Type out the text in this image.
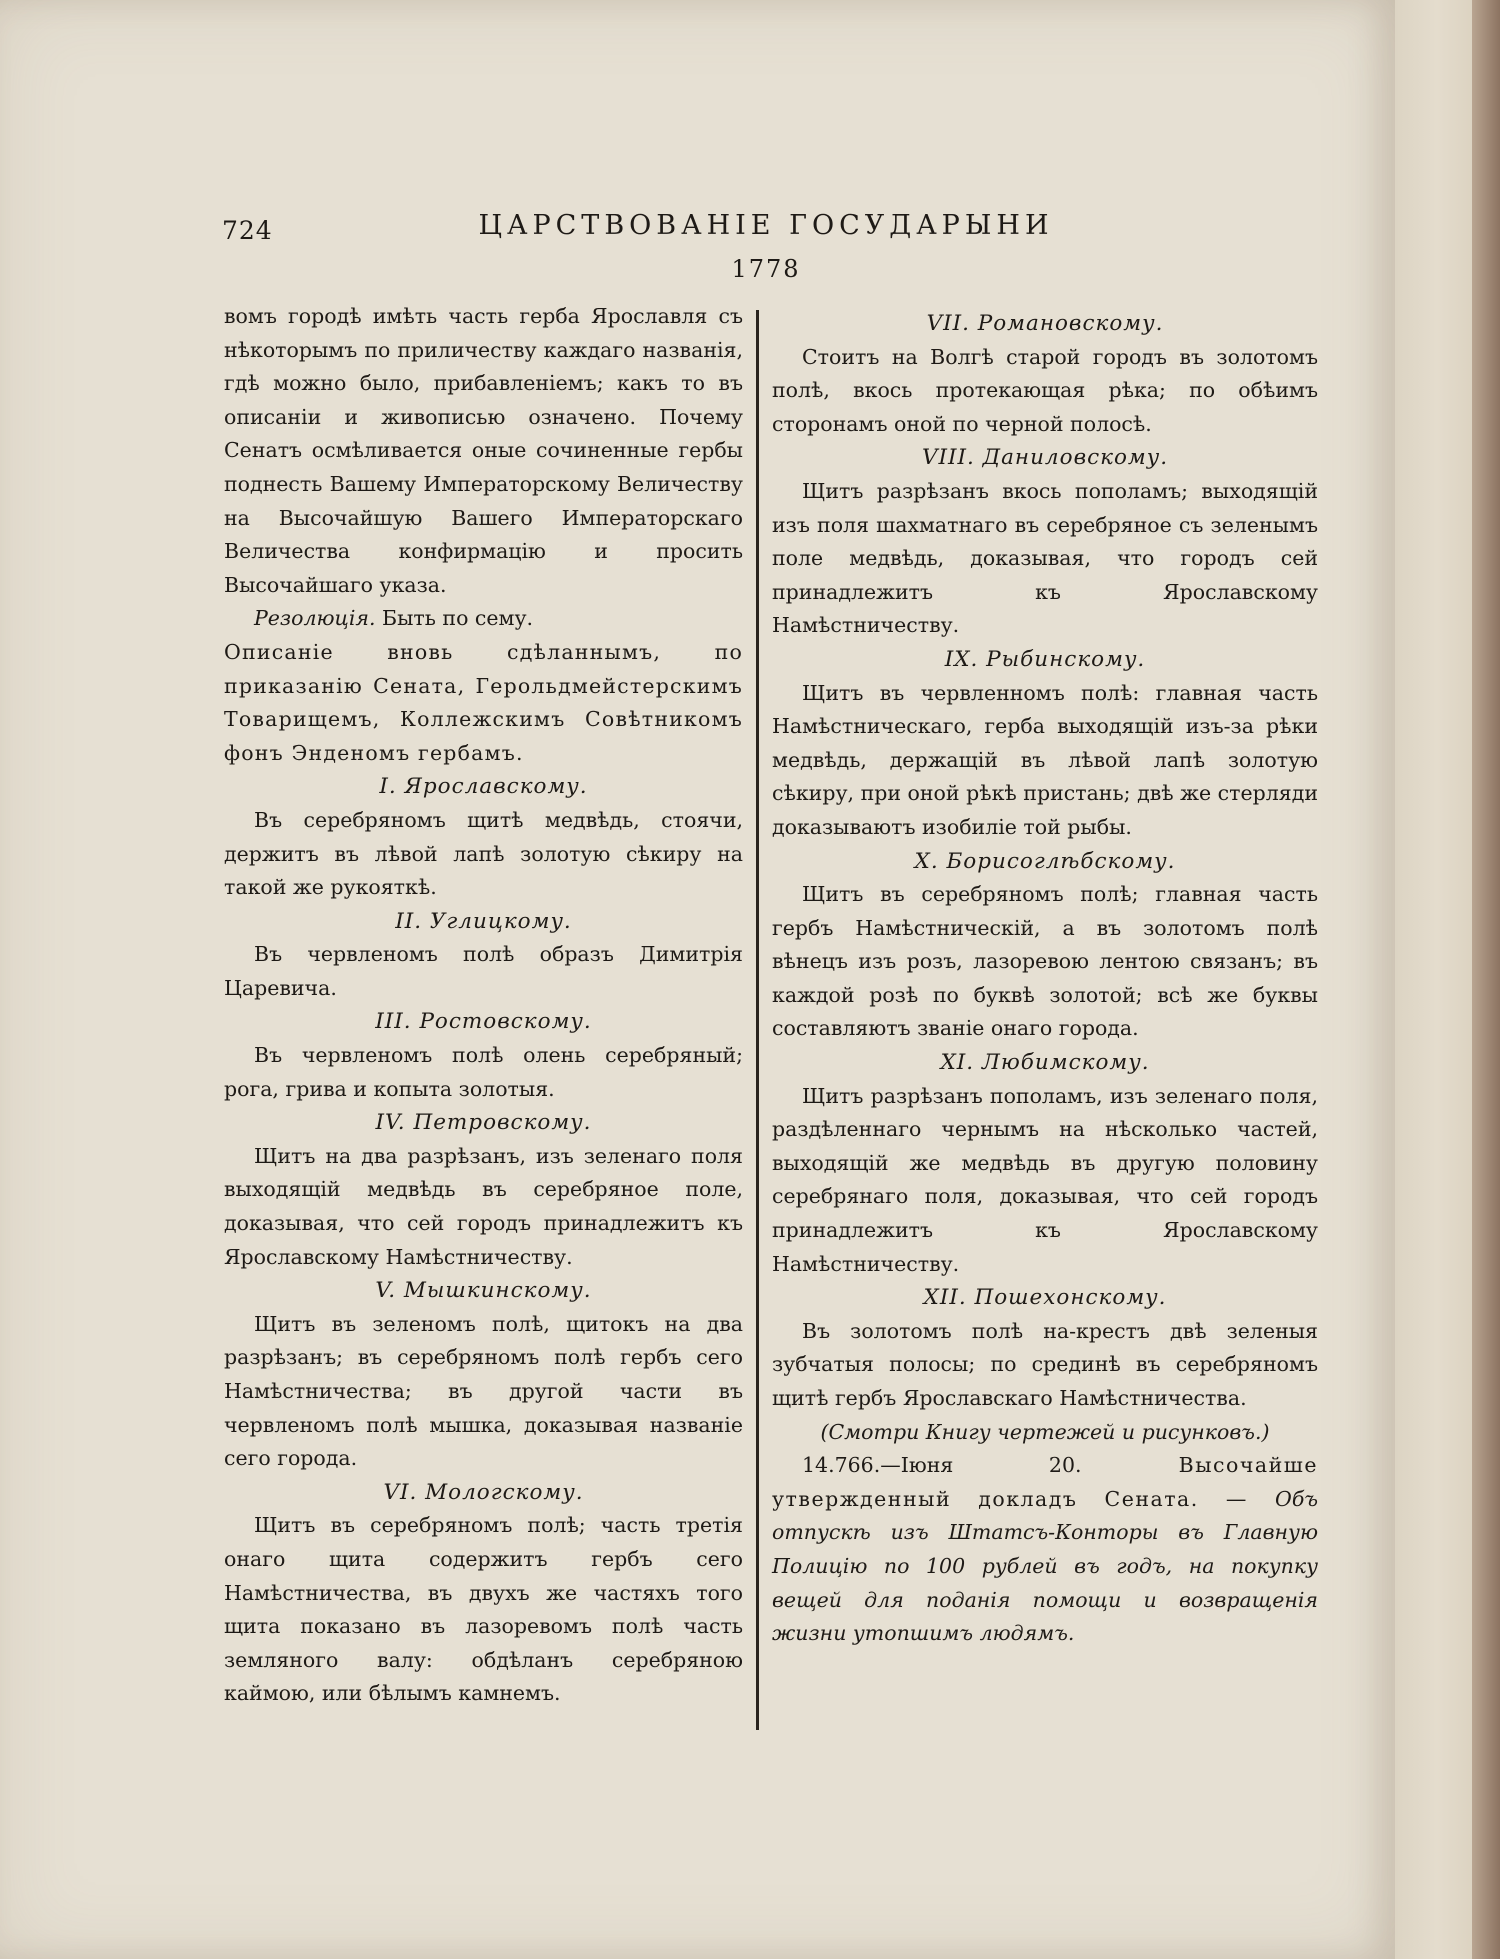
724	ЦАРСТВОВАНІЕ ГОСУДАРЫНИ
1778

вомъ городѣ имѣть часть герба Ярославля съ нѣкоторымъ по приличеству каждаго названія, гдѣ можно было, прибавленіемъ; какъ то въ описаніи и живописью означено. Почему Сенатъ осмѣливается оные сочиненные гербы поднесть Вашему Императорскому Величеству на Высочайшую Вашего Императорскаго Величества конфирмацію и просить Высочайшаго указа.

Резолюція. Быть по сему.

Описаніе вновь сдѣланнымъ, по приказанію Сената, Герольдмейстерскимъ Товарищемъ, Коллежскимъ Совѣтникомъ фонъ Энденомъ гербамъ.

I. Ярославскому.

Въ серебряномъ щитѣ медвѣдь, стоячи, держитъ въ лѣвой лапѣ золотую сѣкиру на такой же рукояткѣ.

II. Углицкому.

Въ червленомъ полѣ образъ Димитрія Царевича.

III. Ростовскому.

Въ червленомъ полѣ олень серебряный; рога, грива и копыта золотыя.

IV. Петровскому.

Щитъ на два разрѣзанъ, изъ зеленаго поля выходящій медвѣдь въ серебряное поле, доказывая, что сей городъ принадлежитъ къ Ярославскому Намѣстничеству.

V. Мышкинскому.

Щитъ въ зеленомъ полѣ, щитокъ на два разрѣзанъ; въ серебряномъ полѣ гербъ сего Намѣстничества; въ другой части въ червленомъ полѣ мышка, доказывая названіе сего города.

VI. Мологскому.

Щитъ въ серебряномъ полѣ; часть третія онаго щита содержитъ гербъ сего Намѣстничества, въ двухъ же частяхъ того щита показано въ лазоревомъ полѣ часть земляного валу: обдѣланъ серебряною каймою, или бѣлымъ камнемъ.

VII. Романовскому.

Стоитъ на Волгѣ старой городъ въ золотомъ полѣ, вкось протекающая рѣка; по обѣимъ сторонамъ оной по черной полосѣ.

VIII. Даниловскому.

Щитъ разрѣзанъ вкось пополамъ; выходящій изъ поля шахматнаго въ серебряное съ зеленымъ поле медвѣдь, доказывая, что городъ сей принадлежитъ къ Ярославскому Намѣстничеству.

IX. Рыбинскому.

Щитъ въ червленномъ полѣ: главная часть Намѣстническаго, герба выходящій изъ-за рѣки медвѣдь, держащій въ лѣвой лапѣ золотую сѣкиру, при оной рѣкѣ пристань; двѣ же стерляди доказываютъ изобиліе той рыбы.

X. Борисоглѣбскому.

Щитъ въ серебряномъ полѣ; главная часть гербъ Намѣстническій, а въ золотомъ полѣ вѣнецъ изъ розъ, лазоревою лентою связанъ; въ каждой розѣ по буквѣ золотой; всѣ же буквы составляютъ званіе онаго города.

XI. Любимскому.

Щитъ разрѣзанъ пополамъ, изъ зеленаго поля, раздѣленнаго чернымъ на нѣсколько частей, выходящій же медвѣдь въ другую половину серебрянаго поля, доказывая, что сей городъ принадлежитъ къ Ярославскому Намѣстничеству.

XII. Пошехонскому.

Въ золотомъ полѣ на-крестъ двѣ зеленыя зубчатыя полосы; по срединѣ въ серебряномъ щитѣ гербъ Ярославскаго Намѣстничества.

(Смотри Книгу чертежей и рисунковъ.)

14.766.—Іюня 20. Высочайше утвержденный докладъ Сената. — Объ отпускѣ изъ Штатсъ-Конторы въ Главную Полицію по 100 рублей въ годъ, на покупку вещей для поданія помощи и возвращенія жизни утопшимъ людямъ.
